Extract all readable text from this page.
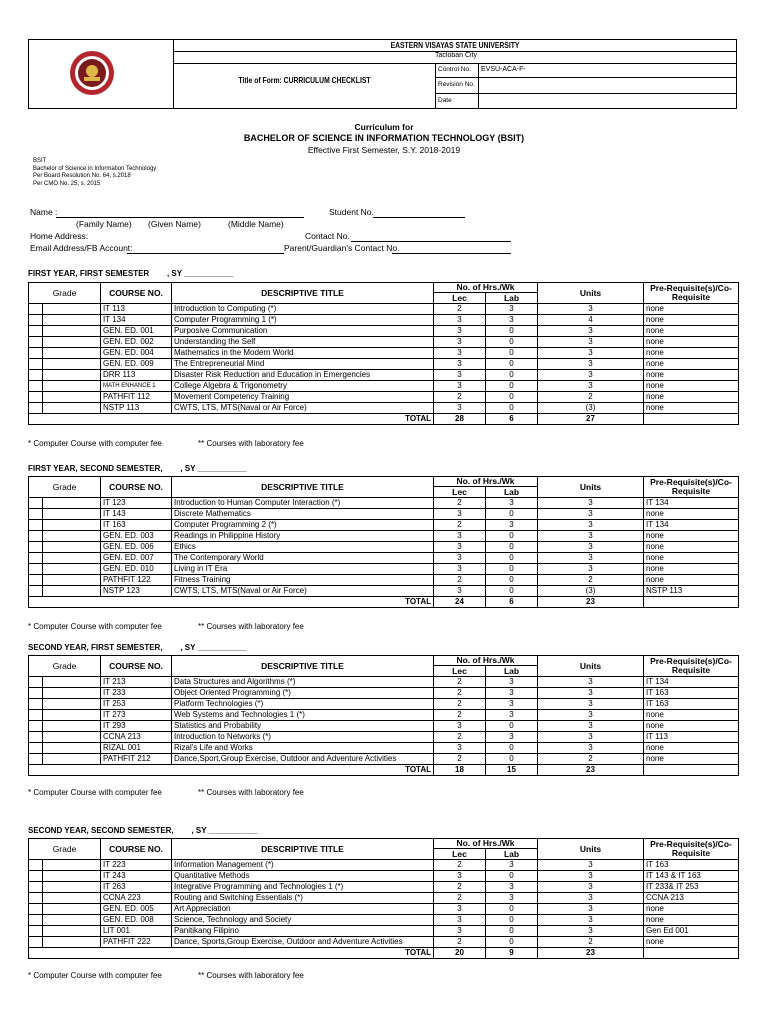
EASTERN VISAYAS STATE UNIVERSITY
Tacloban City
Control No. EVSU-ACA-F-
Revision No.
Date
Title of Form: CURRICULUM CHECKLIST
Curriculum for
BACHELOR OF SCIENCE IN INFORMATION TECHNOLOGY (BSIT)
Effective First Semester, S.Y. 2018-2019
BSIT
Bachelor of Science in Information Technology
Per Board Resolution No. 64, s.2018
Per CMO No. 25, s. 2015
Name :
(Family Name) (Given Name)	(Middle Name)
Student No.
Home Address:	Contact No.
Email Address/FB Account:	Parent/Guardian's Contact No.
FIRST YEAR, FIRST SEMESTER        , SY ___________
Grade		COURSE NO.	DESCRIPTIVE TITLE	No. of Hrs./Wk		Units	Pre-Requisite(s)/Co-
Requisite

				Lec	Lab		
		IT 113	Introduction to Computing (*)	2	3	3	none
		IT 134	Computer Programming 1 (*)	3	3	4	none
		GEN. ED. 001	Purposive Communication	3	0	3	none
		GEN. ED. 002	Understanding the Self	3	0	3	none
		GEN. ED. 004	Mathematics in the Modern World	3	0	3	none
		GEN. ED. 009	The Entrepreneurial Mind	3	0	3	none
		DRR 113	Disaster Risk Reduction and Education in Emergencies	3	0	3	none
		MATH ENHANCE 1	College Algebra & Trigonometry	3	0	3	none
		PATHFIT 112	Movement Competency Training	2	0	2	none
		NSTP 113	CWTS, LTS, MTS(Naval or Air Force)	3	0	(3)	none
TOTAL				28	6	27	
* Computer Course with computer fee	** Courses with laboratory fee
FIRST YEAR, SECOND SEMESTER,        , SY ___________
Grade		COURSE NO.	DESCRIPTIVE TITLE	No. of Hrs./Wk		Units	Pre-Requisite(s)/Co-
Requisite

				Lec	Lab		
		IT 123	Introduction to Human Computer Interaction (*)	2	3	3	IT 134
		IT 143	Discrete Mathematics	3	0	3	none
		IT 163	Computer Programming 2 (*)	2	3	3	IT 134
		GEN. ED. 003	Readings in Philippine History	3	0	3	none
		GEN. ED. 006	Ethics	3	0	3	none
		GEN. ED. 007	The Contemporary World	3	0	3	none
		GEN. ED. 010	Living in IT Era	3	0	3	none
		PATHFIT 122	Fitness Training	2	0	2	none
		NSTP 123	CWTS, LTS, MTS(Naval or Air Force)	3	0	(3)	NSTP 113
TOTAL				24	6	23	
* Computer Course with computer fee	** Courses with laboratory fee
SECOND YEAR, FIRST SEMESTER,        , SY ___________
Grade		COURSE NO.	DESCRIPTIVE TITLE	No. of Hrs./Wk		Units	Pre-Requisite(s)/Co-
Requisite

				Lec	Lab		
		IT 213	Data Structures and Algorithms (*)	2	3	3	IT 134
		IT 233	Object Oriented Programming (*)	2	3	3	IT 163
		IT 253	Platform Technologies (*)	2	3	3	IT 163
		IT 273	Web Systems and Technologies 1 (*)	2	3	3	none
		IT 293	Statistics and Probability	3	0	3	none
		CCNA 213	Introduction to Networks (*)	2	3	3	IT 113
		RIZAL 001	Rizal's Life and Works	3	0	3	none
		PATHFIT 212	Dance,Sport,Group Exercise, Outdoor and Adventure Activities	2	0	2	none
TOTAL				18	15	23	
* Computer Course with computer fee	** Courses with laboratory fee
SECOND YEAR, SECOND SEMESTER,        , SY ___________
Grade		COURSE NO.	DESCRIPTIVE TITLE	No. of Hrs./Wk		Units	Pre-Requisite(s)/Co-
Requisite

				Lec	Lab		
		IT 223	Information Management (*)	2	3	3	IT 163
		IT 243	Quantitative Methods	3	0	3	IT 143 & IT 163
		IT 263	Integrative Programming and Technologies 1 (*)	2	3	3	IT 233& IT 253
		CCNA 223	Routing and Switching Essentials (*)	2	3	3	CCNA 213
		GEN. ED. 005	Art Appreciation	3	0	3	none
		GEN. ED. 008	Science, Technology and Society	3	0	3	none
		LIT 001	Panitikang Filipino	3	0	3	Gen Ed 001
		PATHFIT 222	Dance, Sports,Group Exercise, Outdoor and Adventure Activities	2	0	2	none
TOTAL				20	9	23	
* Computer Course with computer fee	** Courses with laboratory fee
